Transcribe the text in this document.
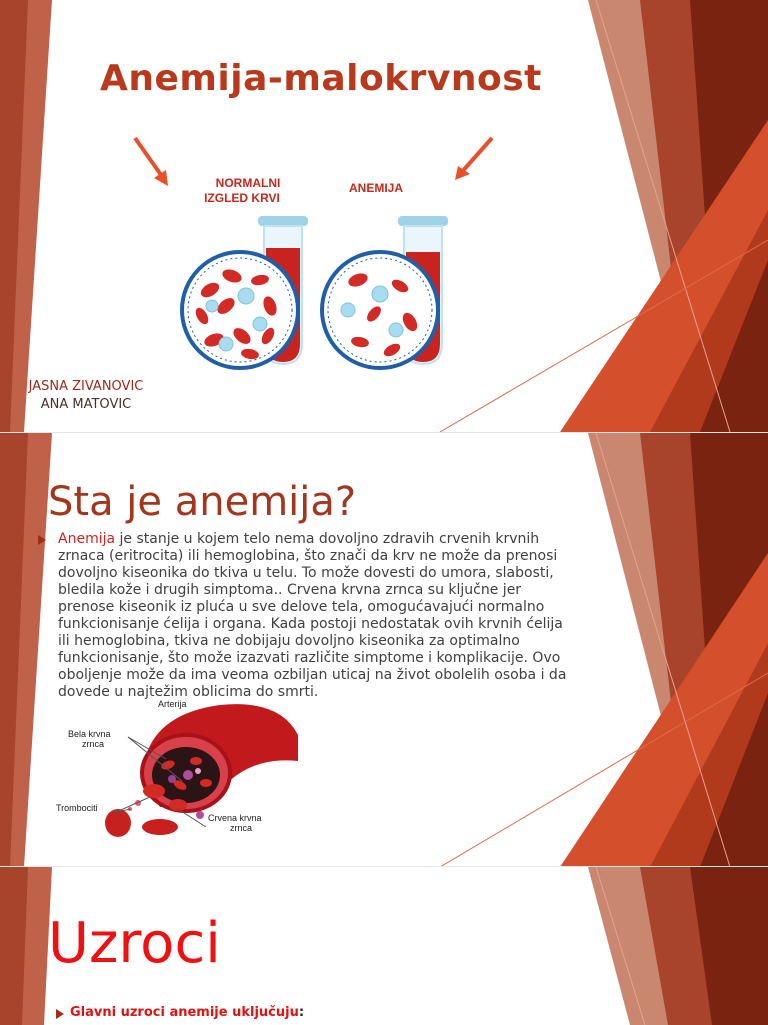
Anemija-malokrvnost
NORMALNI
IZGLED KRVI
ANEMIJA
JASNA ZIVANOVIC
ANA MATOVIC
Sta je anemija?
Anemija je stanje u kojem telo nema dovoljno zdravih crvenih krvnih zrnaca (eritrocita) ili hemoglobina, što znači da krv ne može da prenosi dovoljno kiseonika do tkiva u telu. To može dovesti do umora, slabosti, bledila kože i drugih simptoma.. Crvena krvna zrnca su ključne jer prenose kiseonik iz pluća u sve delove tela, omogućavajući normalno funkcionisanje ćelija i organa. Kada postoji nedostatak ovih krvnih ćelija ili hemoglobina, tkiva ne dobijaju dovoljno kiseonika za optimalno funkcionisanje, što može izazvati različite simptome i komplikacije. Ovo oboljenje može da ima veoma ozbiljan uticaj na život obolelih osoba i da dovede u najtežim oblicima do smrti.
Arterija
Bela krvna
zrnca
Trombociti
Crvena krvna
zrnca
Uzroci
Glavni uzroci anemije uključuju:
